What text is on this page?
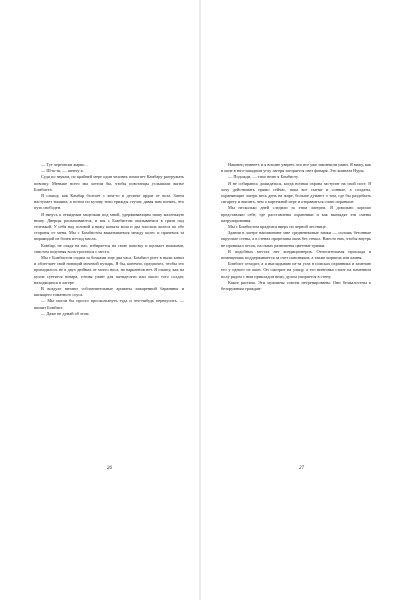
— Тут чертовски жарко…

— Ш-ш-ш, — шепчу я.

Судя по звукам, по крайней мере один человек помогает Камбару разгружать повозку. Меньше всего мы хотели бы, чтобы повстанцы услышали вытье Бомбиста.

Я слышу, как Камбар болтает с кем-то в десятке ярдов от воза. Затем наступает тишина, а потом по кузову тихо трижды стучат, давая нам понять, что путь свободен.

Я тянусь к откидным защелкам под мной, удерживающим нашу маленькую нишу. Дверцы распахиваются, и мы с Бомбистом оказываемся в грязи под тележкой. У себя над головой я вижу копыта вола и два плоских колеса по обе стороны от меня. Мы с Бомбистом выкатываемся между колес и прячемся за пирамидой из бочек из-под масла.

Камбар, не глядя на нас, взбирается на свою повозку и щелкает вожжами, свистом подгоняя вола трогаться с места.

Мы с Бомбистом сидим за бочками еще два часа. Бомбист роет в пыли канал и облегчает свой ноющий мочевой пузырь. Я бы, конечно, предпочел, чтобы это приходилось не в двух дюймах от моего носа, но вариантов нет. Я слышу, как на кухне суетятся повара, готовя ужин для пятидесяти или около того солдат, находящихся в лагере.

В воздухе витают соблазнительные ароматы зажаренной баранины и кипящего томатного соуса.

— Мы могли бы просто проскользнуть туда и что-нибудь перекусить, — шипит Бомбист.

— Даже не думай об этом.

26

Наконец темнеет, и я вполне уверен, что все уже закончили ужин. Я вижу, как в окне в юго-западном углу лагеря загорается свет фонаря. Это комната Нуры.

— Подожди, — тихо велю я Бомбисту.

Я не собираюсь дожидаться, когда ночная охрана заступит на свой пост. Я хочу действовать прямо сейчас, пока все сытые и сонные, а солдаты, охраняющие лагерь весь день на жаре, больше думают о том, где бы раздобыть сигарету и выпить, чем о картежной игре и отправиться спать пораньше.

Мы несколько дней следили за этим лагерем. Я довольно хорошо представляю себе, где расставлены охранники и как выглядят эти смены патрулирования.

Мы с Бомбистом крадемся вверх по черной лестнице.

Здания в лагере напоминают мне средневековые замки — сплошь бетонные округлые стены, а в стенах прорезаны окна без стекол. Вместо них, чтобы внутрь не проникал песок, на окнах развешены цветные тряпки.

В подобных местах нет кондиционеров. Относительная прохлада в помещениях поддерживается за счет сквозняков, а также кирпича или камня.

Бомбист отходит, а я выглядываю из-за угла в поисках охранника и замечаю его у одного из окон. Он смотрит на улицу, а его винтовка стоит на каменном полу рядом с ним прикладом вниз, дулом упирается в стену.

Какое растяпа. Эти мужчины совсем нетренированы. Они безжалостны к безоружным граждан-

27
